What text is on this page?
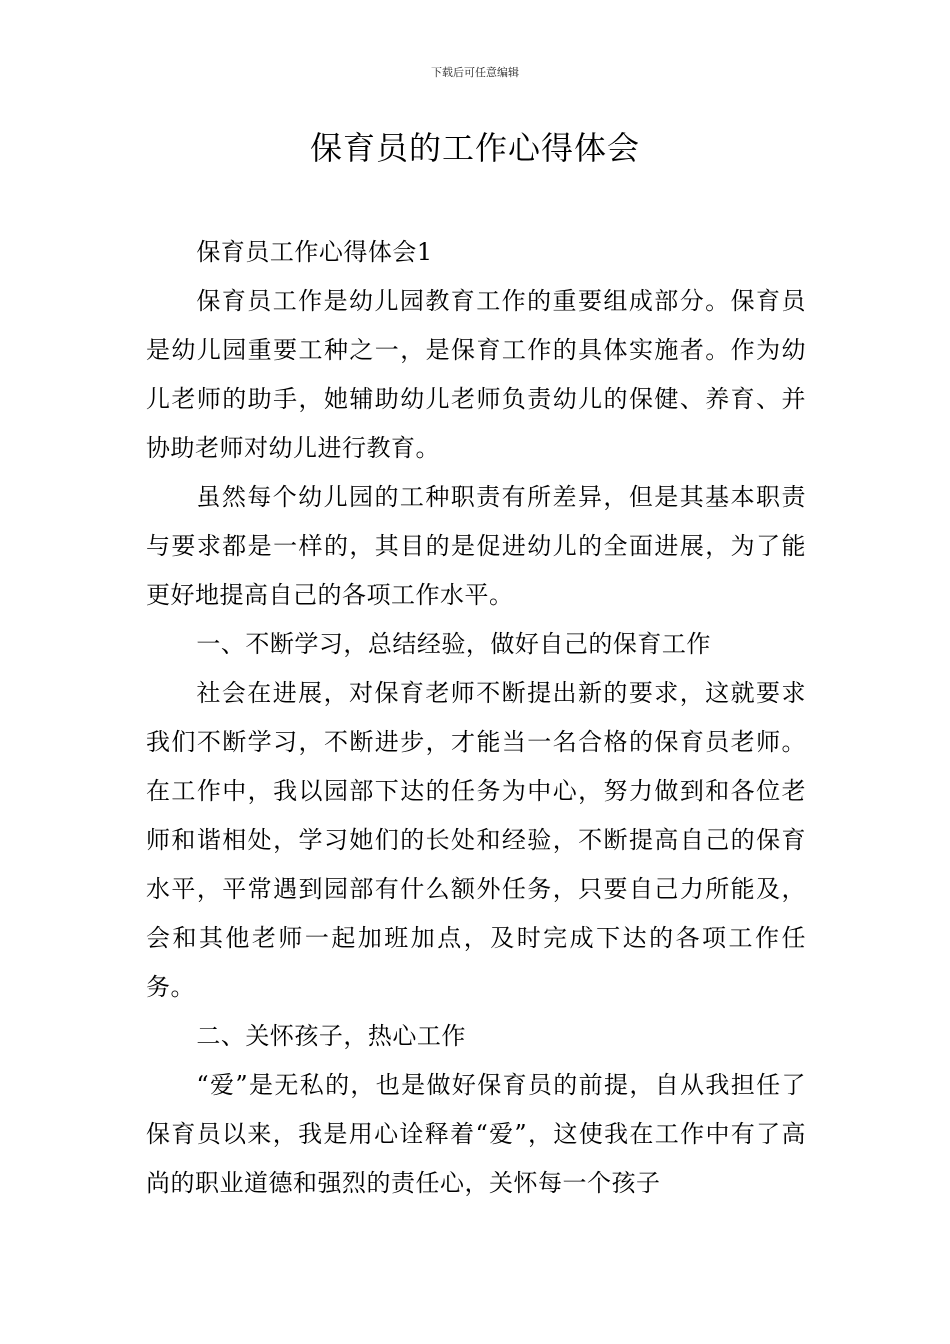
下载后可任意编辑
保育员的工作心得体会

保育员工作心得体会1

保育员工作是幼儿园教育工作的重要组成部分。保育员是幼儿园重要工种之一，是保育工作的具体实施者。作为幼儿老师的助手，她辅助幼儿老师负责幼儿的保健、养育、并协助老师对幼儿进行教育。

虽然每个幼儿园的工种职责有所差异，但是其基本职责与要求都是一样的，其目的是促进幼儿的全面进展，为了能更好地提高自己的各项工作水平。

一、不断学习，总结经验，做好自己的保育工作

社会在进展，对保育老师不断提出新的要求，这就要求我们不断学习，不断进步，才能当一名合格的保育员老师。在工作中，我以园部下达的任务为中心，努力做到和各位老师和谐相处，学习她们的长处和经验，不断提高自己的保育水平，平常遇到园部有什么额外任务，只要自己力所能及，会和其他老师一起加班加点，及时完成下达的各项工作任务。

二、关怀孩子，热心工作

“爱”是无私的，也是做好保育员的前提，自从我担任了保育员以来，我是用心诠释着“爱”，这使我在工作中有了高尚的职业道德和强烈的责任心，关怀每一个孩子
